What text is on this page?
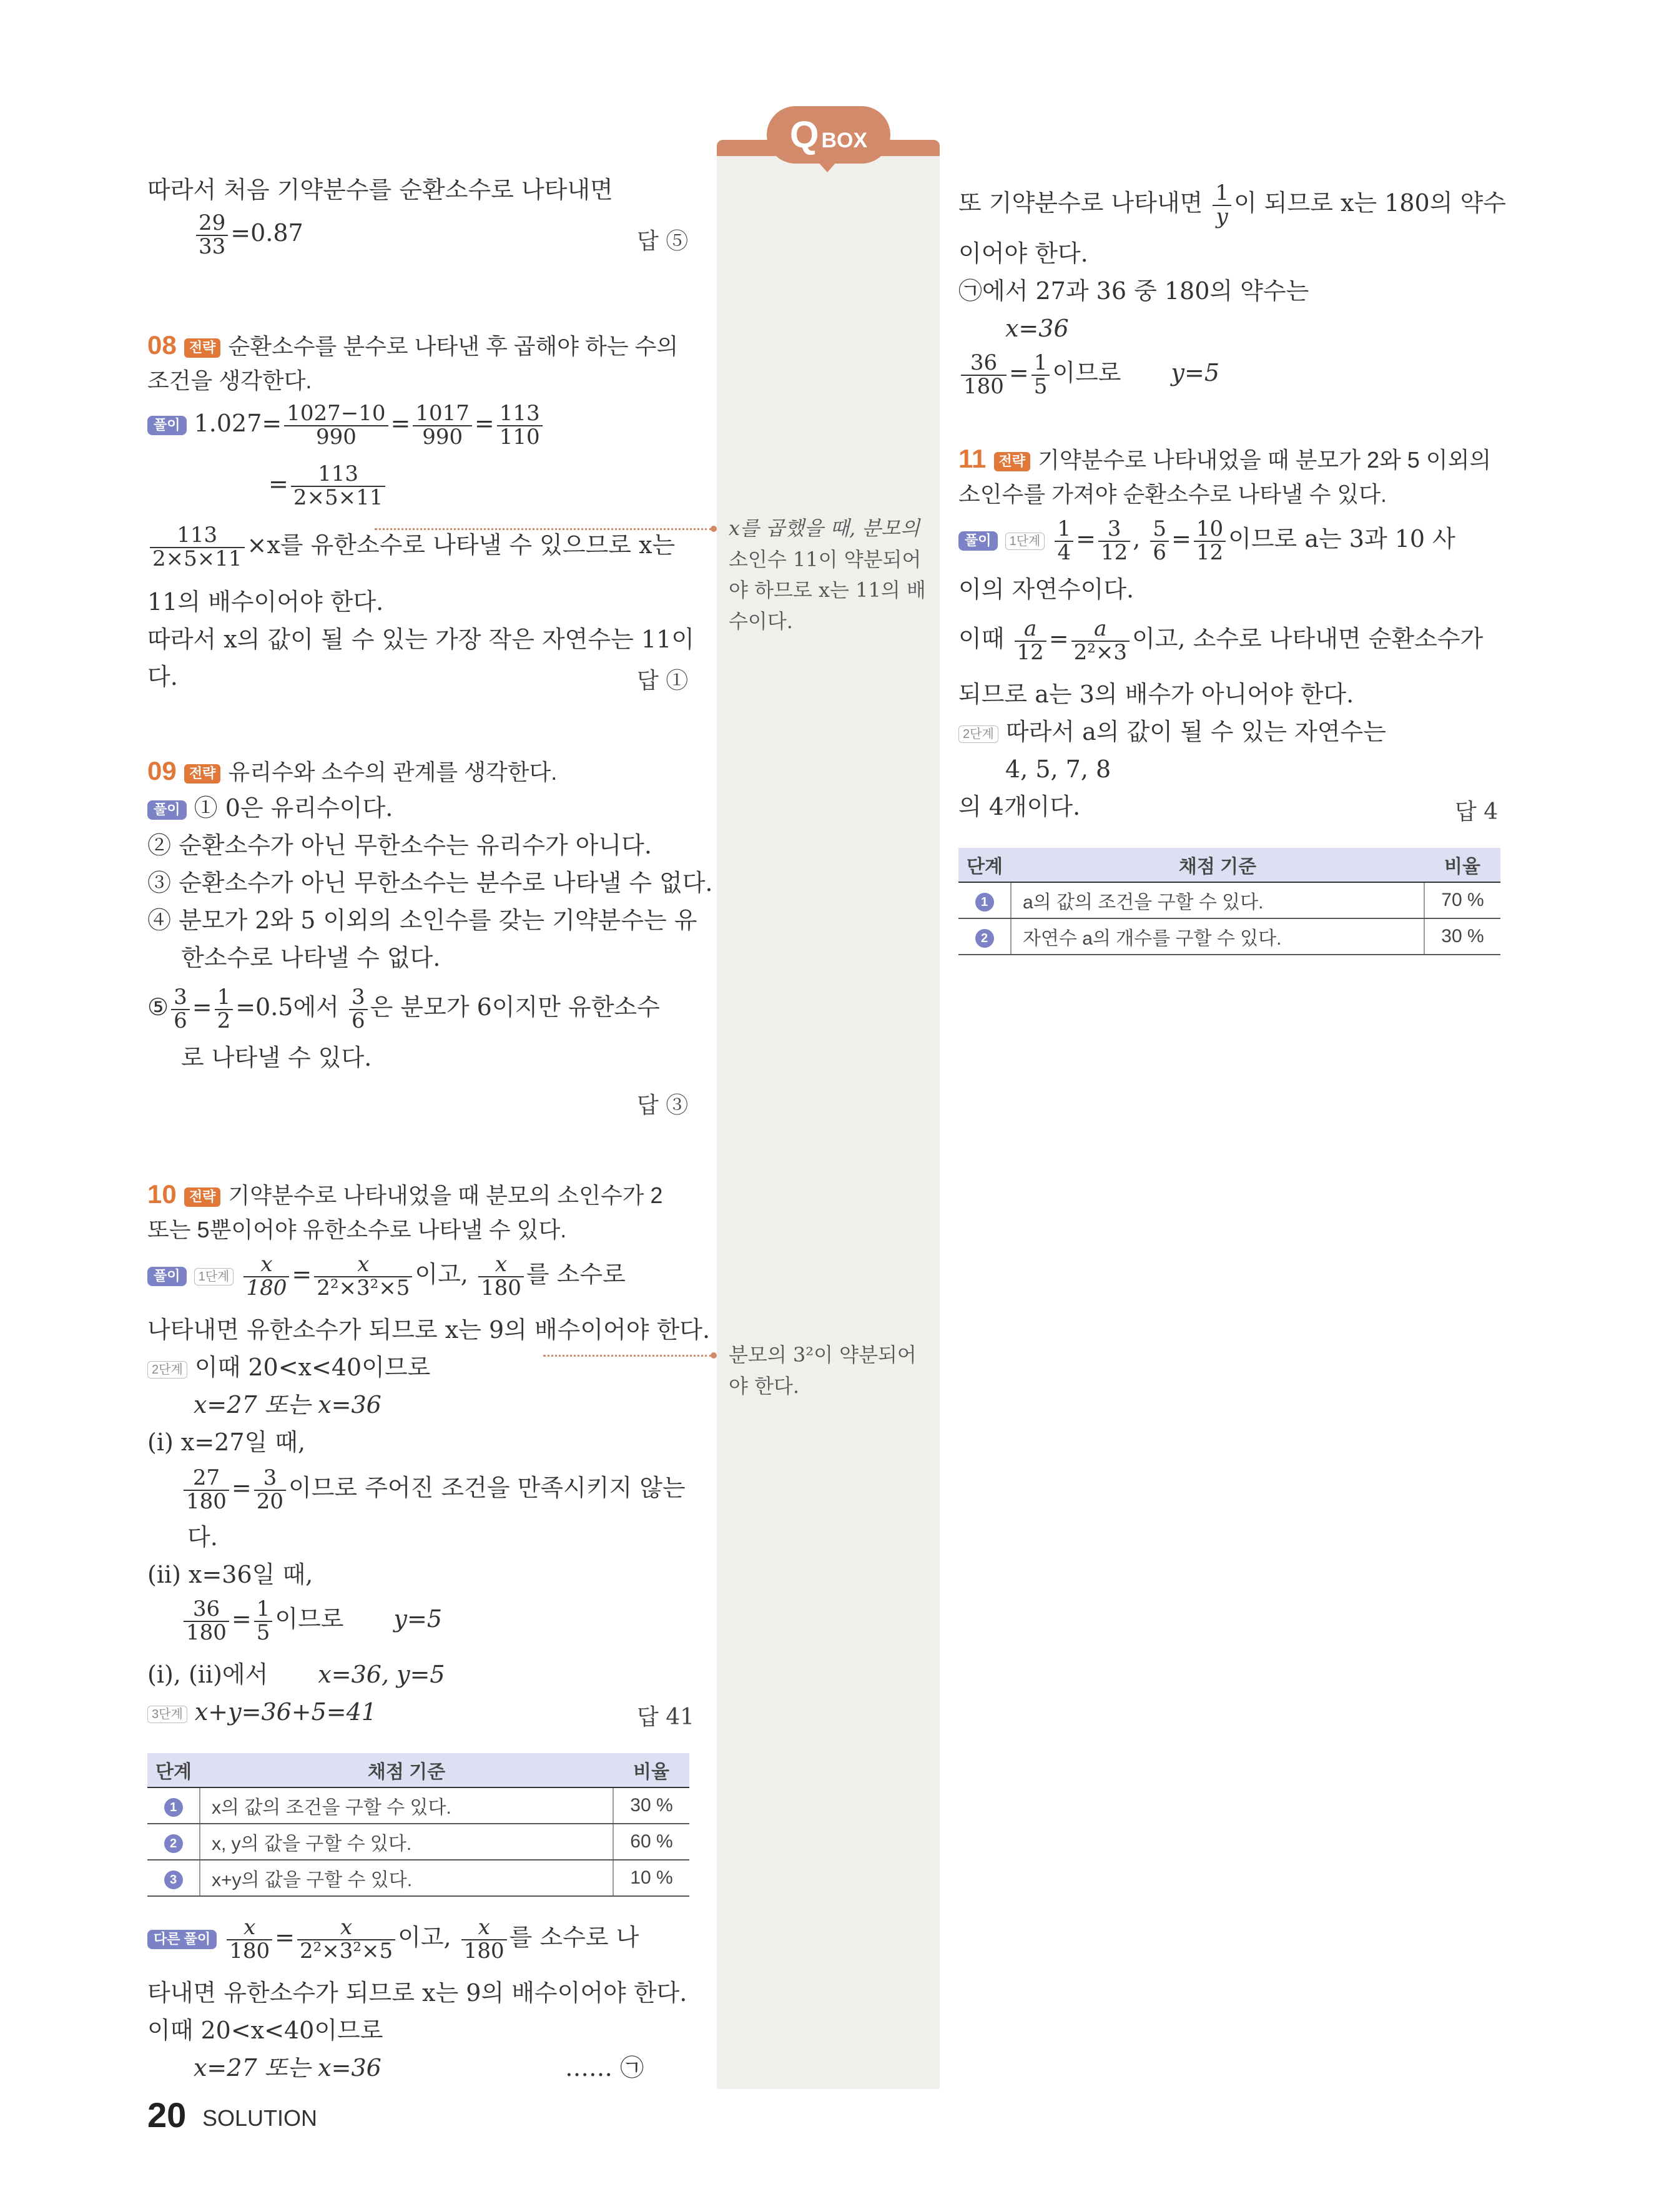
QBOX
x를 곱했을 때, 분모의
소인수 11이 약분되어
야 하므로 x는 11의 배
수이다.
분모의 3²이 약분되어
야 한다.
따라서 처음 기약분수를 순환소수로 나타내면
$\frac{29}{33} =0.87$	답 ⑤
08 전략 순환소수를 분수로 나타낸 후 곱해야 하는 수의
조건을 생각한다.
풀이 $1.027= \frac{1027-10}{990} = \frac{1017}{990} = \frac{113}{110}$
= $\frac{113}{2\times 5\times 11}$
$\frac{113}{2\times 5\times 11} \times x$를 유한소수로 나타낼 수 있으므로 x는
11의 배수이어야 한다.
따라서 x의 값이 될 수 있는 가장 작은 자연수는 11이
다.	답 ①
09 전략 유리수와 소수의 관계를 생각한다.
풀이 ① 0은 유리수이다.
② 순환소수가 아닌 무한소수는 유리수가 아니다.
③ 순환소수가 아닌 무한소수는 분수로 나타낼 수 없다.
④ 분모가 2와 5 이외의 소인수를 갖는 기약분수는 유
한소수로 나타낼 수 없다.
⑤ $\frac{3}{6} = \frac{1}{2} =0.5$에서 $\frac{3}{6}$ 은 분모가 6이지만 유한소수
로 나타낼 수 있다.
답 ③
10 전략 기약분수로 나타내었을 때 분모의 소인수가 2
또는 5뿐이어야 유한소수로 나타낼 수 있다.
풀이 1단계 $\frac{x}{180} = \frac{x}{\text{2²×3²×5}}$ 이고, $\frac{x}{180}$ 를 소수로
나타내면 유한소수가 되므로 x는 9의 배수이어야 한다.
2단계 이때 20<x<40이므로
x=27 또는 x=36
(i) x=27일 때,
$\frac{27}{180} = \frac{3}{20}$ 이므로 주어진 조건을 만족시키지 않는
다.
(ii) x=36일 때,
$\frac{36}{180} = \frac{1}{5}$ 이므로 y=5
(i), (ii)에서 x=36, y=5
3단계 x+y=36+5=41	답 41
단계	채점 기준	비율
1	x의 값의 조건을 구할 수 있다.	30 %
2	x, y의 값을 구할 수 있다.	60 %
3	x+y의 값을 구할 수 있다.	10 %
다른 풀이 $\frac{x}{180} = \frac{x}{\text{2²×3²×5}}$ 이고, $\frac{x}{180}$ 를 소수로 나
타내면 유한소수가 되므로 x는 9의 배수이어야 한다.
이때 20<x<40이므로
x=27 또는 x=36	…… ㉠
또 기약분수로 나타내면 $\frac{1}{y}$ 이 되므로 x는 180의 약수
이어야 한다.
㉠에서 27과 36 중 180의 약수는
x=36
$\frac{36}{180} = \frac{1}{5}$ 이므로 y=5
11 전략 기약분수로 나타내었을 때 분모가 2와 5 이외의
소인수를 가져야 순환소수로 나타낼 수 있다.
풀이 1단계 $\frac{1}{4} = \frac{3}{12}$ , $\frac{5}{6} = \frac{10}{12}$ 이므로 a는 3과 10 사
이의 자연수이다.
이때 $\frac{a}{12} = \frac{a}{\text{2²×3}}$ 이고, 소수로 나타내면 순환소수가
되므로 a는 3의 배수가 아니어야 한다.
2단계 따라서 a의 값이 될 수 있는 자연수는
4, 5, 7, 8
의 4개이다.	답 4
단계	채점 기준	비율
1	a의 값의 조건을 구할 수 있다.	70 %
2	자연수 a의 개수를 구할 수 있다.	30 %
20 SOLUTION
